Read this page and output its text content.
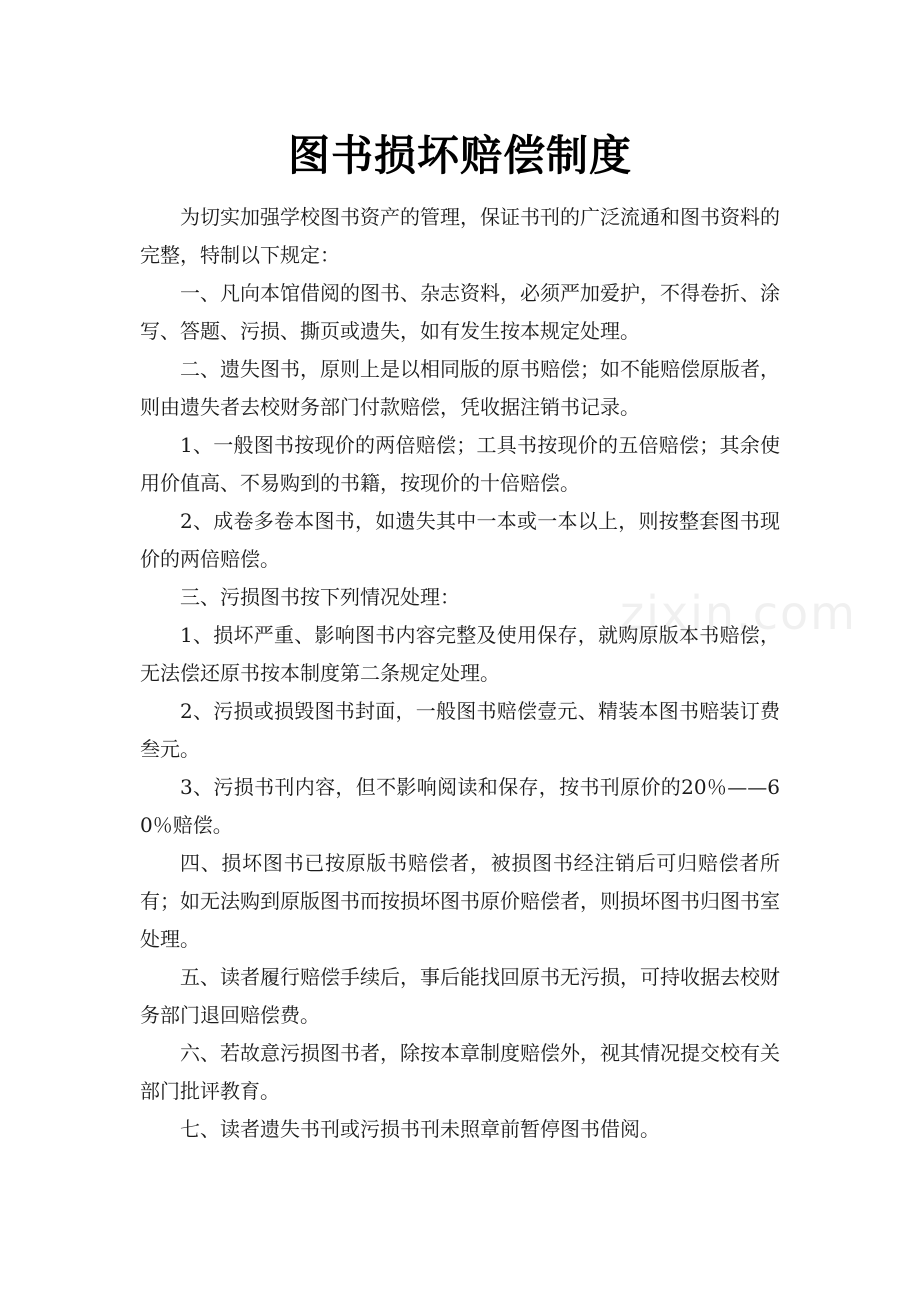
图书损坏赔偿制度

为切实加强学校图书资产的管理，保证书刊的广泛流通和图书资料的完整，特制以下规定：

一、凡向本馆借阅的图书、杂志资料，必须严加爱护，不得卷折、涂写、答题、污损、撕页或遗失，如有发生按本规定处理。

二、遗失图书，原则上是以相同版的原书赔偿；如不能赔偿原版者，则由遗失者去校财务部门付款赔偿，凭收据注销书记录。

1、一般图书按现价的两倍赔偿；工具书按现价的五倍赔偿；其余使用价值高、不易购到的书籍，按现价的十倍赔偿。

2、成卷多卷本图书，如遗失其中一本或一本以上，则按整套图书现价的两倍赔偿。

三、污损图书按下列情况处理：

1、损坏严重、影响图书内容完整及使用保存，就购原版本书赔偿，无法偿还原书按本制度第二条规定处理。

2、污损或损毁图书封面，一般图书赔偿壹元、精装本图书赔装订费叁元。

3、污损书刊内容，但不影响阅读和保存，按书刊原价的20％——60％赔偿。

四、损坏图书已按原版书赔偿者，被损图书经注销后可归赔偿者所有；如无法购到原版图书而按损坏图书原价赔偿者，则损坏图书归图书室处理。

五、读者履行赔偿手续后，事后能找回原书无污损，可持收据去校财务部门退回赔偿费。

六、若故意污损图书者，除按本章制度赔偿外，视其情况提交校有关部门批评教育。

七、读者遗失书刊或污损书刊未照章前暂停图书借阅。

zixin.com
